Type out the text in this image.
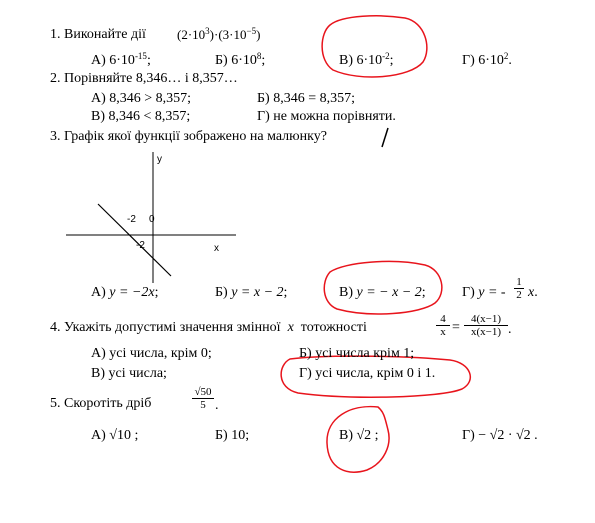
1. Виконайте дії $(2\cdot 10^3)\cdot(3\cdot 10^{-5})$
А) $6\cdot 10^{-15}$;	Б) $6\cdot 10^8$;	В) $6\cdot 10^{-2}$;	Г) $6\cdot 10^2$.
2. Порівняйте 8,346… і 8,357…
А) 8,346 > 8,357;	Б) 8,346 = 8,357;
В) 8,346 < 8,357;	Г) не можна порівняти.
3. Графік якої функції зображено на малюнку?
y
x
0
-2
-2
А) y = −2x;	Б) y = x − 2;	В) y = − x − 2;	Г) y = - $\frac{1}{2} x$.
4. Укажіть допустимі значення змінної x тотожності	$\frac{4}{x} = \frac{4(x-1)}{x(x-1)}$ .
А) усі числа, крім 0;	Б) усі числа крім 1;
В) усі числа;	Г) усі числа, крім 0 і 1.
5. Скоротіть дріб	$\frac{√50}{5}$ .
А) √10 ;	Б) 10;	В) √2 ;	Г) − √2 · √2 .
